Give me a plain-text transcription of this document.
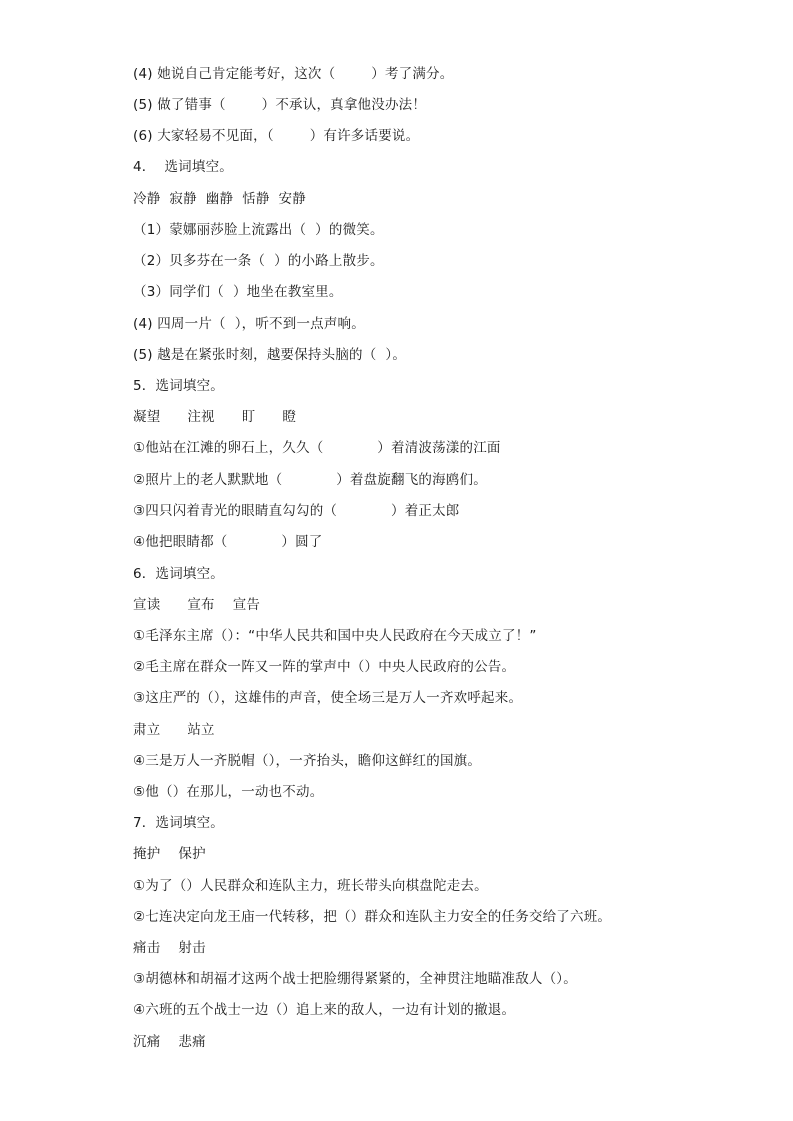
(4) 她说自己肯定能考好，这次（        ）考了满分。
(5) 做了错事（        ）不承认，真拿他没办法！
(6) 大家轻易不见面，（        ）有许多话要说。
4．  选词填空。
冷静  寂静  幽静  恬静  安静
（1）蒙娜丽莎脸上流露出（  ）的微笑。
（2）贝多芬在一条（  ）的小路上散步。
（3）同学们（  ）地坐在教室里。
(4) 四周一片（  ），听不到一点声响。
(5) 越是在紧张时刻，越要保持头脑的（  ）。
5．选词填空。
凝望      注视      盯      瞪
①他站在江滩的卵石上，久久（            ）着清波荡漾的江面
②照片上的老人默默地（            ）着盘旋翻飞的海鸥们。
③四只闪着青光的眼睛直勾勾的（            ）着正太郎
④他把眼睛都（            ）圆了
6．选词填空。
宣读      宣布    宣告
①毛泽东主席（）：“中华人民共和国中央人民政府在今天成立了！”
②毛主席在群众一阵又一阵的掌声中（）中央人民政府的公告。
③这庄严的（），这雄伟的声音，使全场三是万人一齐欢呼起来。
肃立      站立
④三是万人一齐脱帽（），一齐抬头，瞻仰这鲜红的国旗。
⑤他（）在那儿，一动也不动。
7．选词填空。
掩护    保护
①为了（）人民群众和连队主力，班长带头向棋盘陀走去。
②七连决定向龙王庙一代转移，把（）群众和连队主力安全的任务交给了六班。
痛击    射击
③胡德林和胡福才这两个战士把脸绷得紧紧的，全神贯注地瞄准敌人（）。
④六班的五个战士一边（）追上来的敌人，一边有计划的撤退。
沉痛    悲痛
